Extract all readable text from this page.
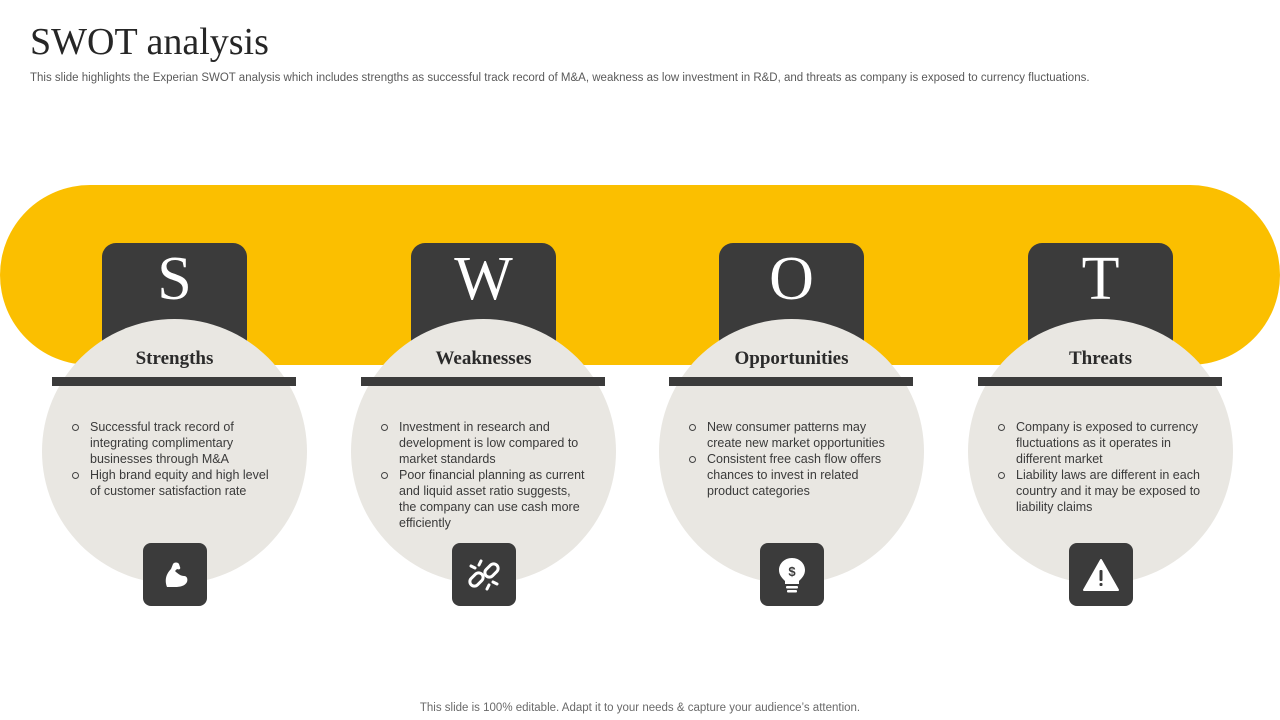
SWOT analysis

This slide highlights the Experian SWOT analysis which includes strengths as successful track record of M&A, weakness as low investment in R&D, and threats as company is exposed to currency fluctuations.

S
Strengths
Successful track record of integrating complimentary businesses through M&A
High brand equity and high level of customer satisfaction rate
W
Weaknesses
Investment in research and development is low compared to market standards
Poor financial planning as current and liquid asset ratio suggests, the company can use cash more efficiently
O
Opportunities
New consumer patterns may create new market opportunities
Consistent free cash flow offers chances to invest in related product categories
$
T
Threats
Company is exposed to currency fluctuations as it operates in different market
Liability laws are different in each country and it may be exposed to liability claims

This slide is 100% editable. Adapt it to your needs & capture your audience’s attention.
